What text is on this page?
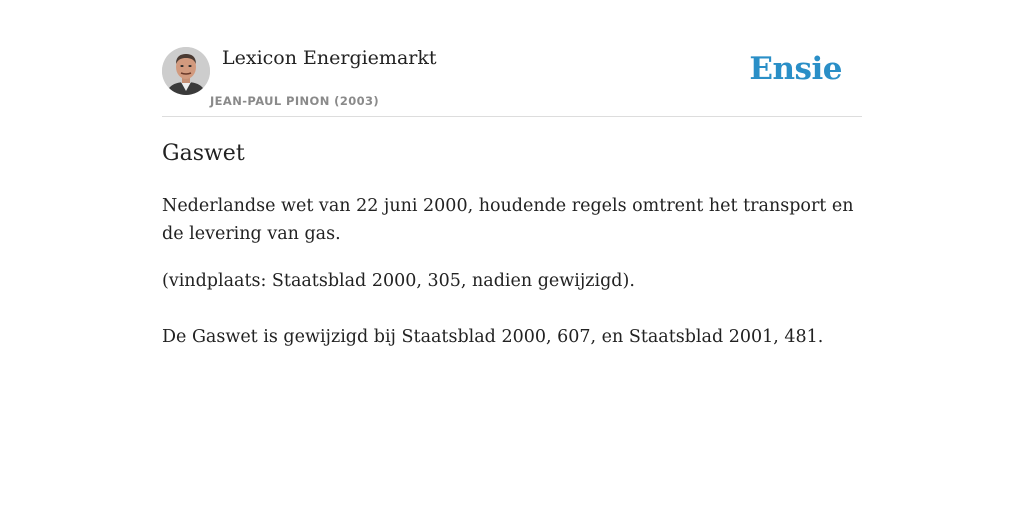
Lexicon Energiemarkt
JEAN-PAUL PINON (2003)
Ensie
Gaswet

Nederlandse wet van 22 juni 2000, houdende regels omtrent het transport en de levering van gas.

(vindplaats: Staatsblad 2000, 305, nadien gewijzigd).

De Gaswet is gewijzigd bij Staatsblad 2000, 607, en Staatsblad 2001, 481.
